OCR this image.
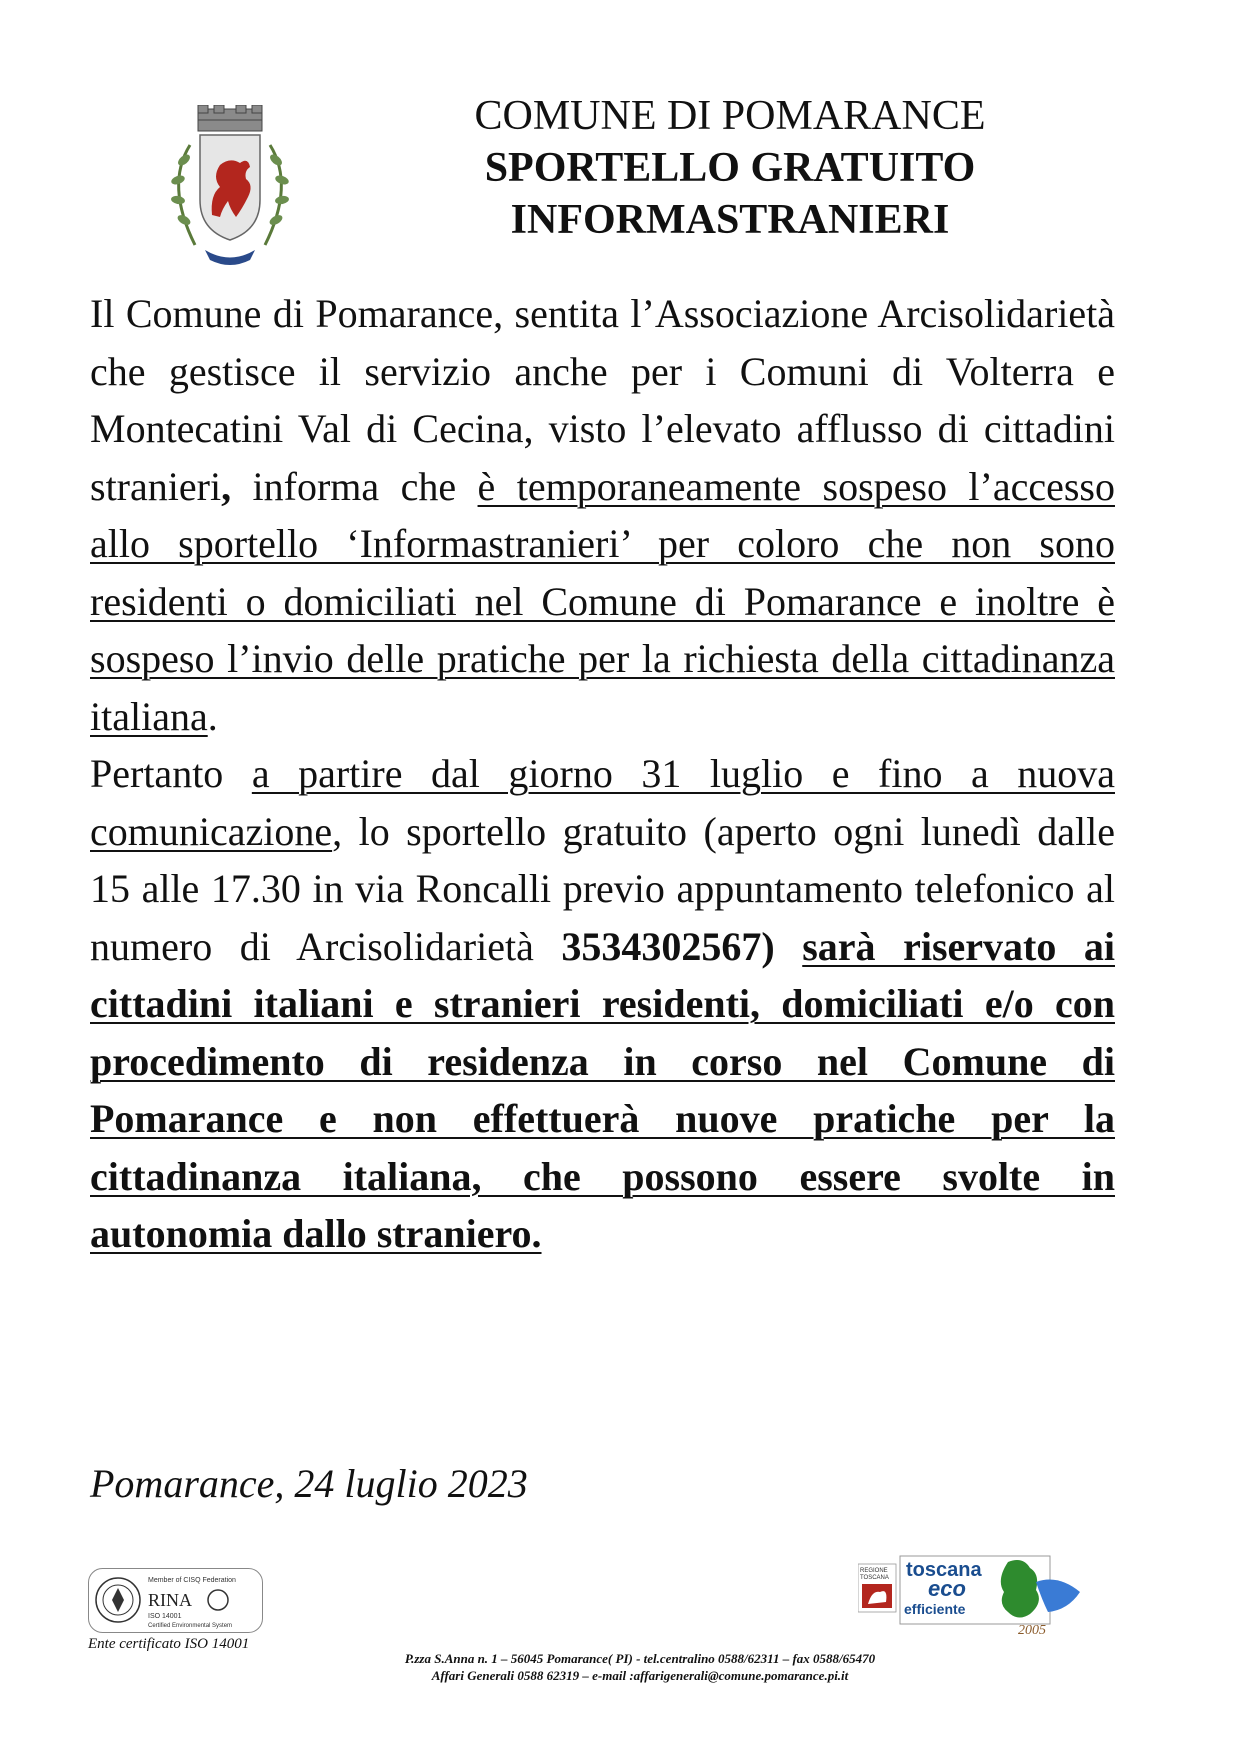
COMUNE DI POMARANCE
SPORTELLO GRATUITO
INFORMASTRANIERI

Il Comune di Pomarance, sentita l’Associazione Arcisolidarietà che gestisce il servizio anche per i Comuni di Volterra e Montecatini Val di Cecina, visto l’elevato afflusso di cittadini stranieri, informa che è temporaneamente sospeso l’accesso allo sportello ‘Informastranieri’ per coloro che non sono residenti o domiciliati nel Comune di Pomarance e inoltre è sospeso l’invio delle pratiche per la richiesta della cittadinanza italiana.

Pertanto a partire dal giorno 31 luglio e fino a nuova comunicazione, lo sportello gratuito (aperto ogni lunedì dalle 15 alle 17.30 in via Roncalli previo appuntamento telefonico al numero di Arcisolidarietà 3534302567) sarà riservato ai cittadini italiani e stranieri residenti, domiciliati e/o con procedimento di residenza in corso nel Comune di Pomarance e non effettuerà nuove pratiche per la cittadinanza italiana, che possono essere svolte in autonomia dallo straniero.

Pomarance, 24 luglio 2023
Member of CISQ Federation
RINA
ISO 14001
Certified Environmental System
Ente certificato ISO 14001
REGIONE
TOSCANA toscana
eco
efficiente
2005
P.zza S.Anna n. 1 – 56045 Pomarance( PI) - tel.centralino 0588/62311 – fax 0588/65470
Affari Generali 0588 62319 – e-mail :affarigenerali@comune.pomarance.pi.it
